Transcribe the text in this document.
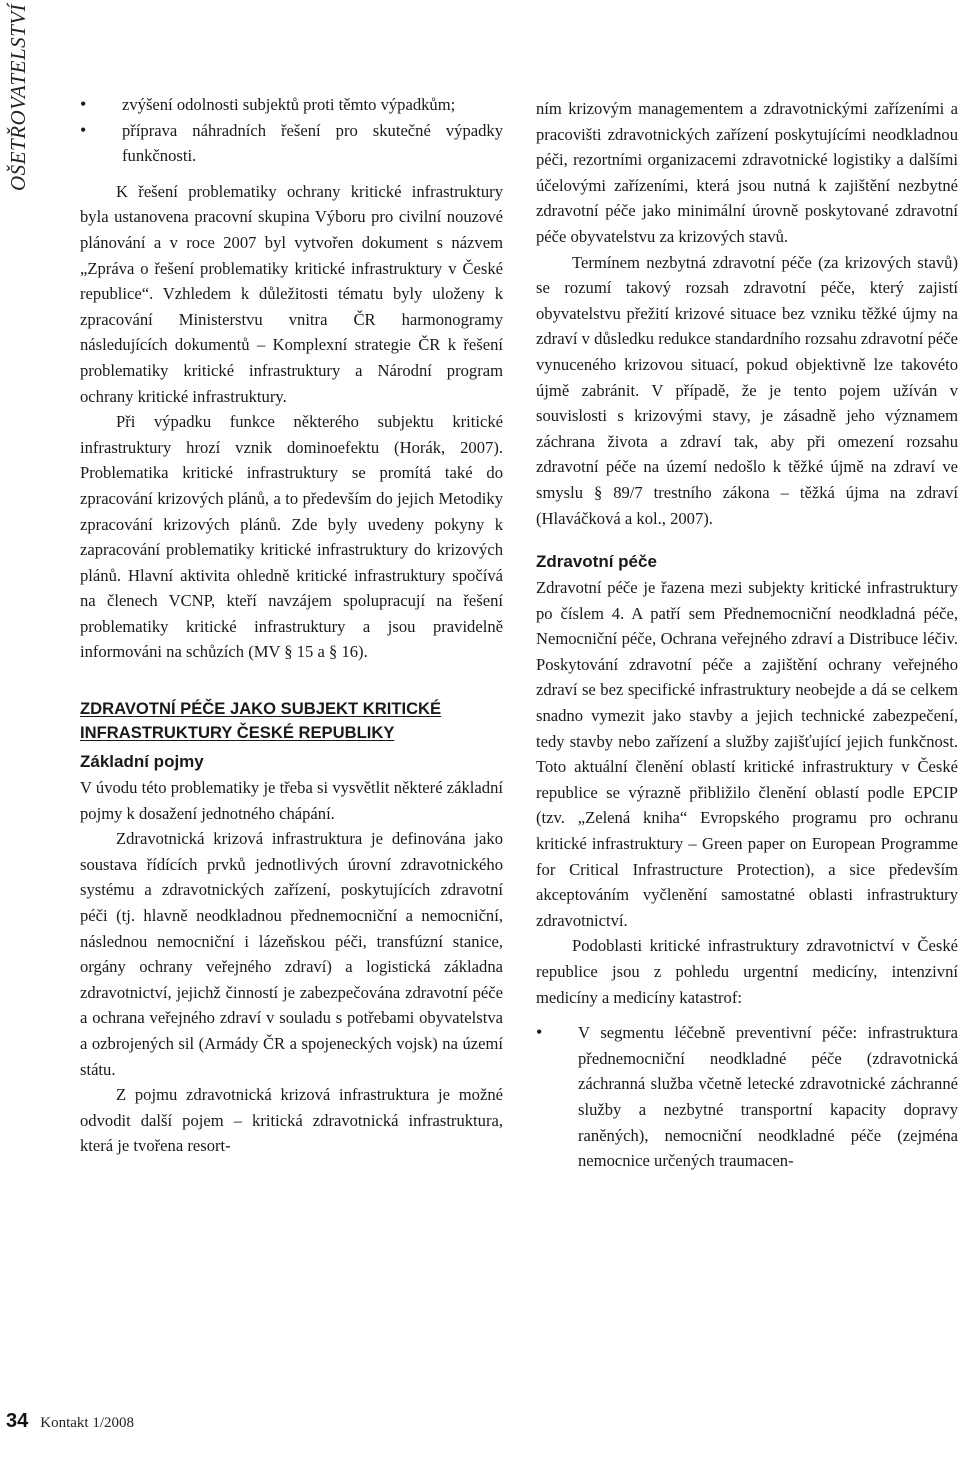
OŠETŘOVATELSTVÍ	• zvýšení odolnosti subjektů proti těmto výpadkům;
• příprava náhradních řešení pro skutečné výpadky funkčnosti.

K řešení problematiky ochrany kritické infrastruktury byla ustanovena pracovní skupina Výboru pro civilní nouzové plánování a v roce 2007 byl vytvořen dokument s názvem „Zpráva o řešení problematiky kritické infrastruktury v České republice“. Vzhledem k důležitosti tématu byly uloženy k zpracování Ministerstvu vnitra ČR harmonogramy následujících dokumentů – Komplexní strategie ČR k řešení problematiky kritické infrastruktury a Národní program ochrany kritické infrastruktury.

Při výpadku funkce některého subjektu kritické infrastruktury hrozí vznik dominoefektu (Horák, 2007). Problematika kritické infrastruktury se promítá také do zpracování krizových plánů, a to především do jejich Metodiky zpracování krizových plánů. Zde byly uvedeny pokyny k zapracování problematiky kritické infrastruktury do krizových plánů. Hlavní aktivita ohledně kritické infrastruktury spočívá na členech VCNP, kteří navzájem spolupracují na řešení problematiky kritické infrastruktury a jsou pravidelně informováni na schůzích (MV § 15 a § 16).

ZDRAVOTNÍ PÉČE JAKO SUBJEKT KRITICKÉ INFRASTRUKTURY ČESKÉ REPUBLIKY
Základní pojmy

V úvodu této problematiky je třeba si vysvětlit některé základní pojmy k dosažení jednotného chápání.

Zdravotnická krizová infrastruktura je definována jako soustava řídících prvků jednotlivých úrovní zdravotnického systému a zdravotnických zařízení, poskytujících zdravotní péči (tj. hlavně neodkladnou přednemocniční a nemocniční, následnou nemocniční i lázeňskou péči, transfúzní stanice, orgány ochrany veřejného zdraví) a logistická základna zdravotnictví, jejichž činností je zabezpečována zdravotní péče a ochrana veřejného zdraví v souladu s potřebami obyvatelstva a ozbrojených sil (Armády ČR a spojeneckých vojsk) na území státu.

Z pojmu zdravotnická krizová infrastruktura je možné odvodit další pojem – kritická zdravotnická infrastruktura, která je tvořena resort-

ním krizovým managementem a zdravotnickými zařízeními a pracovišti zdravotnických zařízení poskytujícími neodkladnou péči, rezortními organizacemi zdravotnické logistiky a dalšími účelovými zařízeními, která jsou nutná k zajištění nezbytné zdravotní péče jako minimální úrovně poskytované zdravotní péče obyvatelstvu za krizových stavů.

Termínem nezbytná zdravotní péče (za krizových stavů) se rozumí takový rozsah zdravotní péče, který zajistí obyvatelstvu přežití krizové situace bez vzniku těžké újmy na zdraví v důsledku redukce standardního rozsahu zdravotní péče vynuceného krizovou situací, pokud objektivně lze takovéto újmě zabránit. V případě, že je tento pojem užíván v souvislosti s krizovými stavy, je zásadně jeho významem záchrana života a zdraví tak, aby při omezení rozsahu zdravotní péče na území nedošlo k těžké újmě na zdraví ve smyslu § 89/7 trestního zákona – těžká újma na zdraví (Hlaváčková a kol., 2007).

Zdravotní péče

Zdravotní péče je řazena mezi subjekty kritické infrastruktury po číslem 4. A patří sem Přednemocniční neodkladná péče, Nemocniční péče, Ochrana veřejného zdraví a Distribuce léčiv. Poskytování zdravotní péče a zajištění ochrany veřejného zdraví se bez specifické infrastruktury neobejde a dá se celkem snadno vymezit jako stavby a jejich technické zabezpečení, tedy stavby nebo zařízení a služby zajišťující jejich funkčnost. Toto aktuální členění oblastí kritické infrastruktury v České republice se výrazně přibližilo členění oblastí podle EPCIP (tzv. „Zelená kniha“ Evropského programu pro ochranu kritické infrastruktury – Green paper on European Programme for Critical Infrastructure Protection), a sice především akceptováním vyčlenění samostatné oblasti infrastruktury zdravotnictví.

Podoblasti kritické infrastruktury zdravotnictví v České republice jsou z pohledu urgentní medicíny, intenzivní medicíny a medicíny katastrof:

• V segmentu léčebně preventivní péče: infrastruktura přednemocniční neodkladné péče (zdravotnická záchranná služba včetně letecké zdravotnické záchranné služby a nezbytné transportní kapacity dopravy raněných), nemocniční neodkladné péče (zejména nemocnice určených traumacen-
34 Kontakt 1/2008
